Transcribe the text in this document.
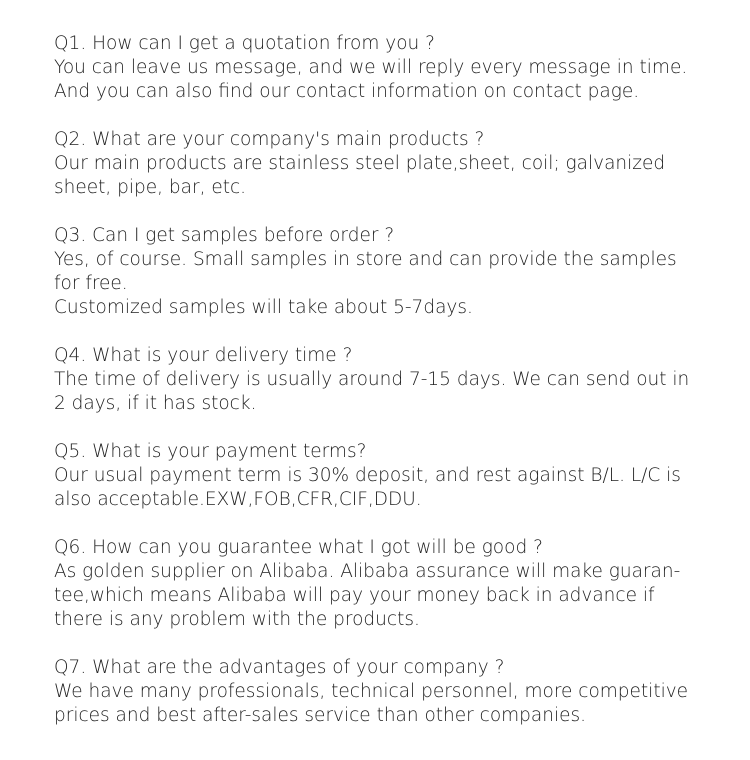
Q1. How can I get a quotation from you ?
You can leave us message, and we will reply every message in time.
And you can also find our contact information on contact page.
Q2. What are your company's main products ?
Our main products are stainless steel plate,sheet, coil; galvanized
sheet, pipe, bar, etc.
Q3. Can I get samples before order ?
Yes, of course. Small samples in store and can provide the samples
for free.
Customized samples will take about 5-7days.
Q4. What is your delivery time ?
The time of delivery is usually around 7-15 days. We can send out in
2 days, if it has stock.
Q5. What is your payment terms?
Our usual payment term is 30% deposit, and rest against B/L. L/C is
also acceptable.EXW,FOB,CFR,CIF,DDU.
Q6. How can you guarantee what I got will be good ?
As golden supplier on Alibaba. Alibaba assurance will make guaran-
tee,which means Alibaba will pay your money back in advance if
there is any problem with the products.
Q7. What are the advantages of your company ?
We have many professionals, technical personnel, more competitive
prices and best after-sales service than other companies.
